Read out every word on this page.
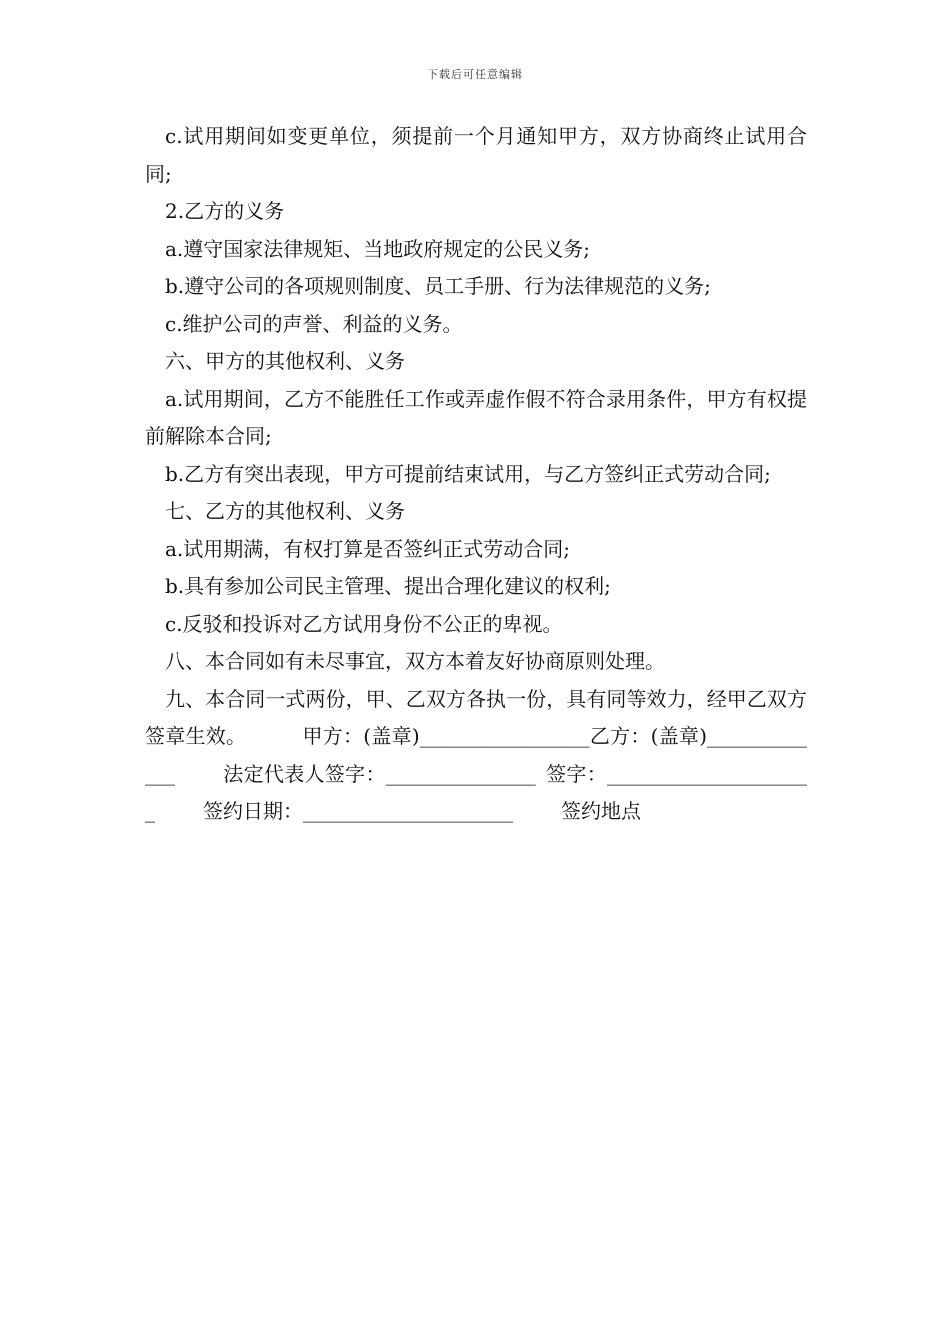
下载后可任意编辑

c.试用期间如变更单位，须提前一个月通知甲方，双方协商终止试用合同;

2.乙方的义务

a.遵守国家法律规矩、当地政府规定的公民义务;

b.遵守公司的各项规则制度、员工手册、行为法律规范的义务;

c.维护公司的声誉、利益的义务。

六、甲方的其他权利、义务

a.试用期间，乙方不能胜任工作或弄虚作假不符合录用条件，甲方有权提前解除本合同;

b.乙方有突出表现，甲方可提前结束试用，与乙方签纠正式劳动合同;

七、乙方的其他权利、义务

a.试用期满，有权打算是否签纠正式劳动合同;

b.具有参加公司民主管理、提出合理化建议的权利;

c.反驳和投诉对乙方试用身份不公正的卑视。

八、本合同如有未尽事宜，双方本着友好协商原则处理。

九、本合同一式两份，甲、乙双方各执一份，具有同等效力，经甲乙双方签章生效。	甲方：(盖章)_________________乙方：(盖章)_____________ 法定代表人签字：_______________ 签字：_____________________ 签约日期：_____________________ 签约地点
